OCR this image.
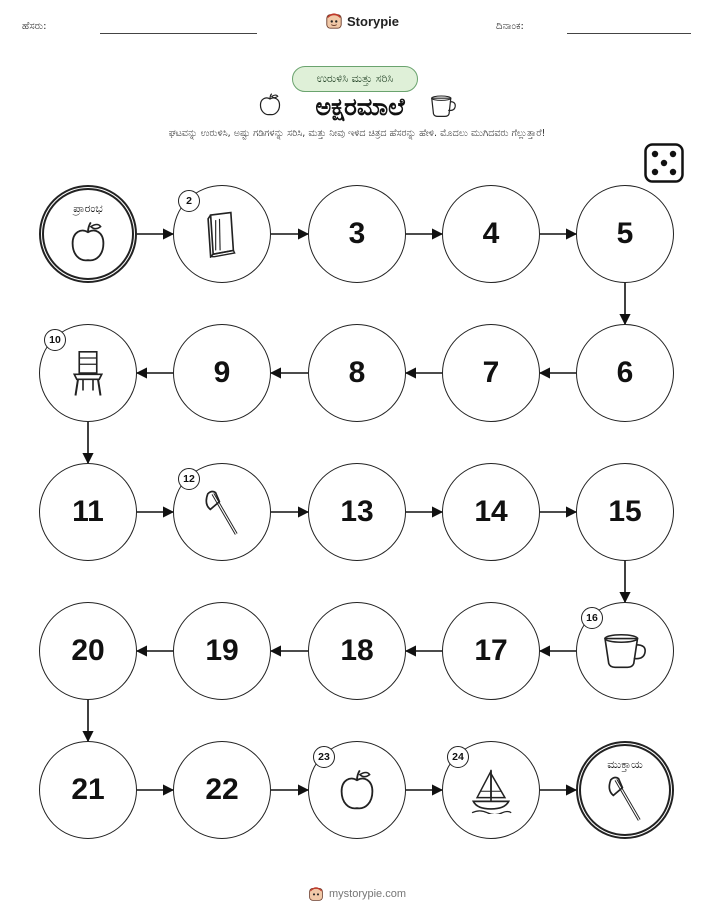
ಹೆಸರು:	ದಿನಾಂಕ:
Storypie
ಉರುಳಿಸಿ ಮತ್ತು ಸರಿಸಿ
ಅಕ್ಷರಮಾಲೆ
ಘಟವನ್ನು ಉರುಳಿಸಿ, ಅಷ್ಟು ಗಡಿಗಳನ್ನು ಸರಿಸಿ, ಮತ್ತು ನೀವು ಇಳಿದ ಚಿತ್ರದ ಹೆಸರನ್ನು ಹೇಳಿ. ಮೊದಲು ಮುಗಿದವರು ಗೆಲ್ಲುತ್ತಾರೆ!
ಪ್ರಾರಂಭ
2
3	4	5
6
7
8
9
10
11
12
13	14	15
16
17
18
19
20
21	22
23	24
ಮುಕ್ತಾಯ
mystorypie.com
